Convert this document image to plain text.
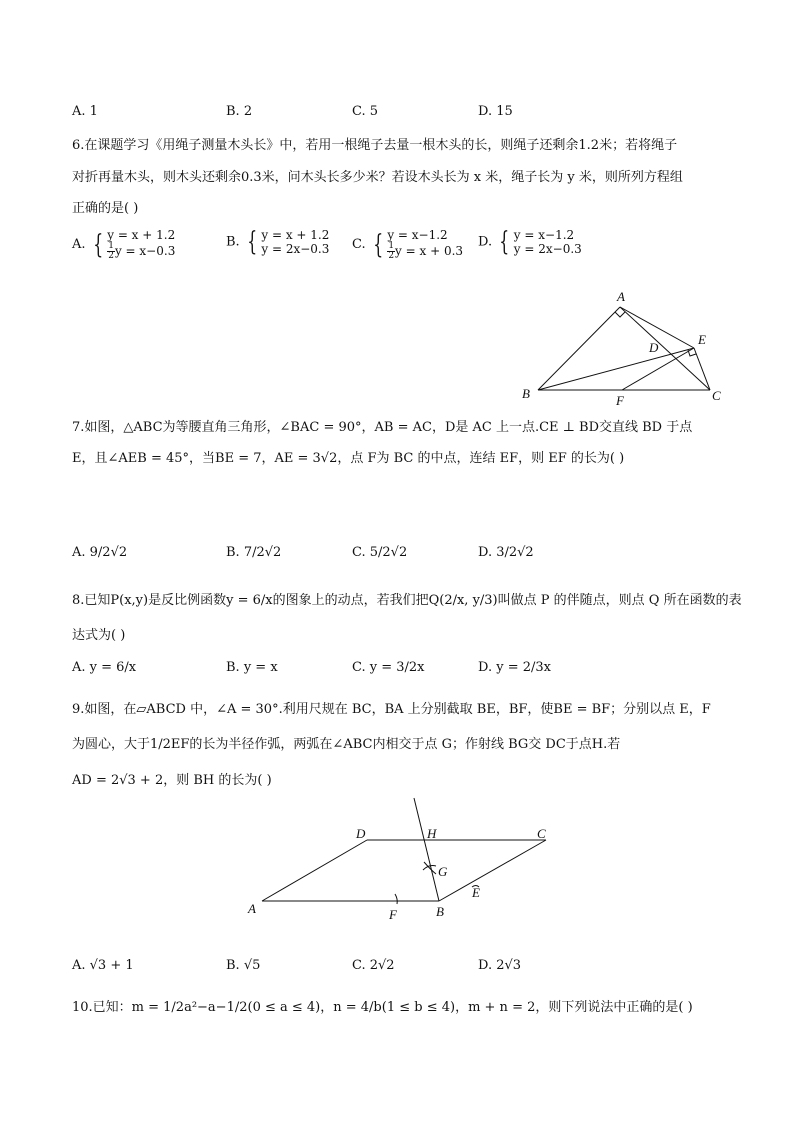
A. 1	B. 2	C. 5	D. 15
6.在课题学习《用绳子测量木头长》中，若用一根绳子去量一根木头的长，则绳子还剩余1.2米；若将绳子
对折再量木头，则木头还剩余0.3米，问木头长多少米？若设木头长为 x 米，绳子长为 y 米，则所列方程组
正确的是( )
A. { y = x + 1.2
$\frac{1}{2}$ y = x−0.3
B. { y = x + 1.2
y = 2x−0.3 C. { y = x−1.2
$\frac{1}{2}$ y = x + 0.3
D. { y = x−1.2
y = 2x−0.3
A
D
E
B	F	C
7.如图，△ABC为等腰直角三角形，∠BAC = 90°，AB = AC，D是 AC 上一点.CE ⊥ BD交直线 BD 于点
E，且∠AEB = 45°，当BE = 7，AE = 3√2，点 F为 BC 的中点，连结 EF，则 EF 的长为( )
A. 9/2√2	B. 7/2√2	C. 5/2√2	D. 3/2√2
8.已知P(x,y)是反比例函数y = 6/x的图象上的动点，若我们把Q(2/x, y/3)叫做点 P 的伴随点，则点 Q 所在函数的表
达式为( )
A. y = 6/x	B. y = x	C. y = 3/2x	D. y = 2/3x
9.如图，在▱ABCD 中，∠A = 30°.利用尺规在 BC，BA 上分别截取 BE，BF，使BE = BF；分别以点 E，F
为圆心，大于1/2EF的长为半径作弧，两弧在∠ABC内相交于点 G；作射线 BG交 DC于点H.若
AD = 2√3 + 2，则 BH 的长为( )
D	H	C
G
E
A	F	B
A. √3 + 1	B. √5	C. 2√2	D. 2√3
10.已知：m = 1/2a²−a−1/2(0 ≤ a ≤ 4)，n = 4/b(1 ≤ b ≤ 4)，m + n = 2，则下列说法中正确的是( )
